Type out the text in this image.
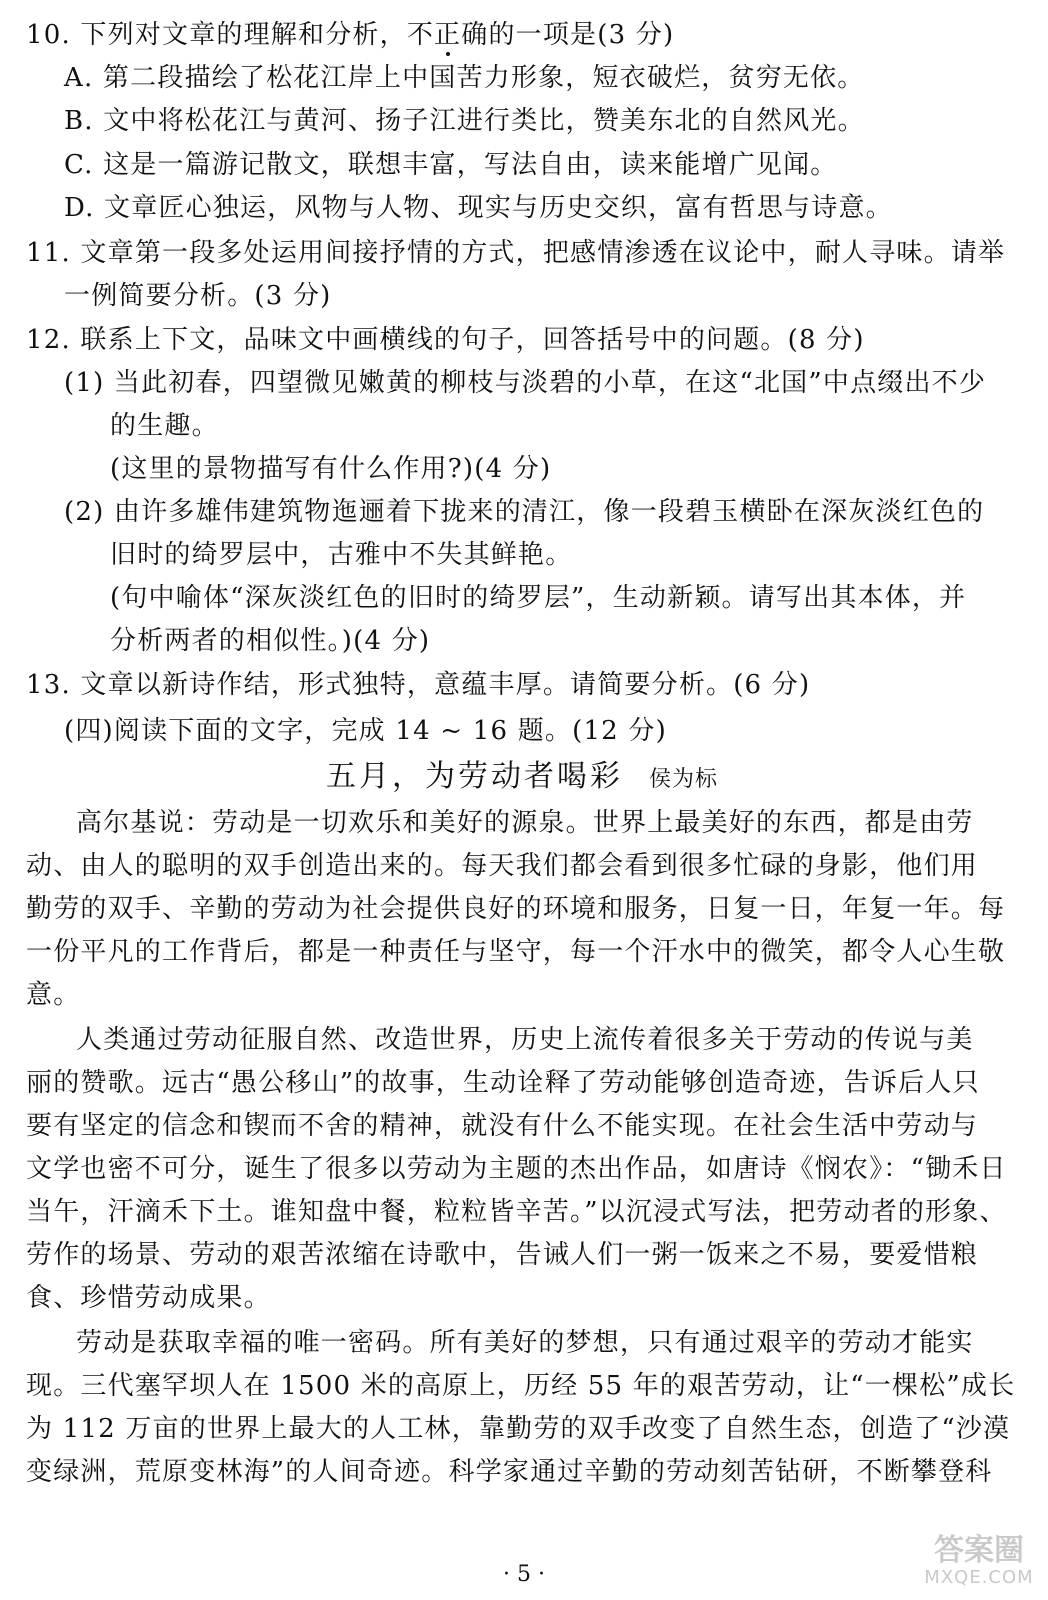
10. 下列对文章的理解和分析，不正确的一项是(3 分)
A. 第二段描绘了松花江岸上中国苦力形象，短衣破烂，贫穷无依。
B. 文中将松花江与黄河、扬子江进行类比，赞美东北的自然风光。
C. 这是一篇游记散文，联想丰富，写法自由，读来能增广见闻。
D. 文章匠心独运，风物与人物、现实与历史交织，富有哲思与诗意。
11. 文章第一段多处运用间接抒情的方式，把感情渗透在议论中，耐人寻味。请举
一例简要分析。(3 分)
12. 联系上下文，品味文中画横线的句子，回答括号中的问题。(8 分)
(1) 当此初春，四望微见嫩黄的柳枝与淡碧的小草，在这“北国”中点缀出不少
的生趣。
(这里的景物描写有什么作用?)(4 分)
(2) 由许多雄伟建筑物迤逦着下拢来的清江，像一段碧玉横卧在深灰淡红色的
旧时的绮罗层中，古雅中不失其鲜艳。
(句中喻体“深灰淡红色的旧时的绮罗层”，生动新颖。请写出其本体，并
分析两者的相似性。)(4 分)
13. 文章以新诗作结，形式独特，意蕴丰厚。请简要分析。(6 分)
(四)阅读下面的文字，完成 14 ~ 16 题。(12 分)
五月，为劳动者喝彩 侯为标
高尔基说：劳动是一切欢乐和美好的源泉。世界上最美好的东西，都是由劳
动、由人的聪明的双手创造出来的。每天我们都会看到很多忙碌的身影，他们用
勤劳的双手、辛勤的劳动为社会提供良好的环境和服务，日复一日，年复一年。每
一份平凡的工作背后，都是一种责任与坚守，每一个汗水中的微笑，都令人心生敬
意。
人类通过劳动征服自然、改造世界，历史上流传着很多关于劳动的传说与美
丽的赞歌。远古“愚公移山”的故事，生动诠释了劳动能够创造奇迹，告诉后人只
要有坚定的信念和锲而不舍的精神，就没有什么不能实现。在社会生活中劳动与
文学也密不可分，诞生了很多以劳动为主题的杰出作品，如唐诗《悯农》：“锄禾日
当午，汗滴禾下土。谁知盘中餐，粒粒皆辛苦。”以沉浸式写法，把劳动者的形象、
劳作的场景、劳动的艰苦浓缩在诗歌中，告诫人们一粥一饭来之不易，要爱惜粮
食、珍惜劳动成果。
劳动是获取幸福的唯一密码。所有美好的梦想，只有通过艰辛的劳动才能实
现。三代塞罕坝人在 1500 米的高原上，历经 55 年的艰苦劳动，让“一棵松”成长
为 112 万亩的世界上最大的人工林，靠勤劳的双手改变了自然生态，创造了“沙漠
变绿洲，荒原变林海”的人间奇迹。科学家通过辛勤的劳动刻苦钻研，不断攀登科
· 5 ·
答案圈
MXQE.COM
